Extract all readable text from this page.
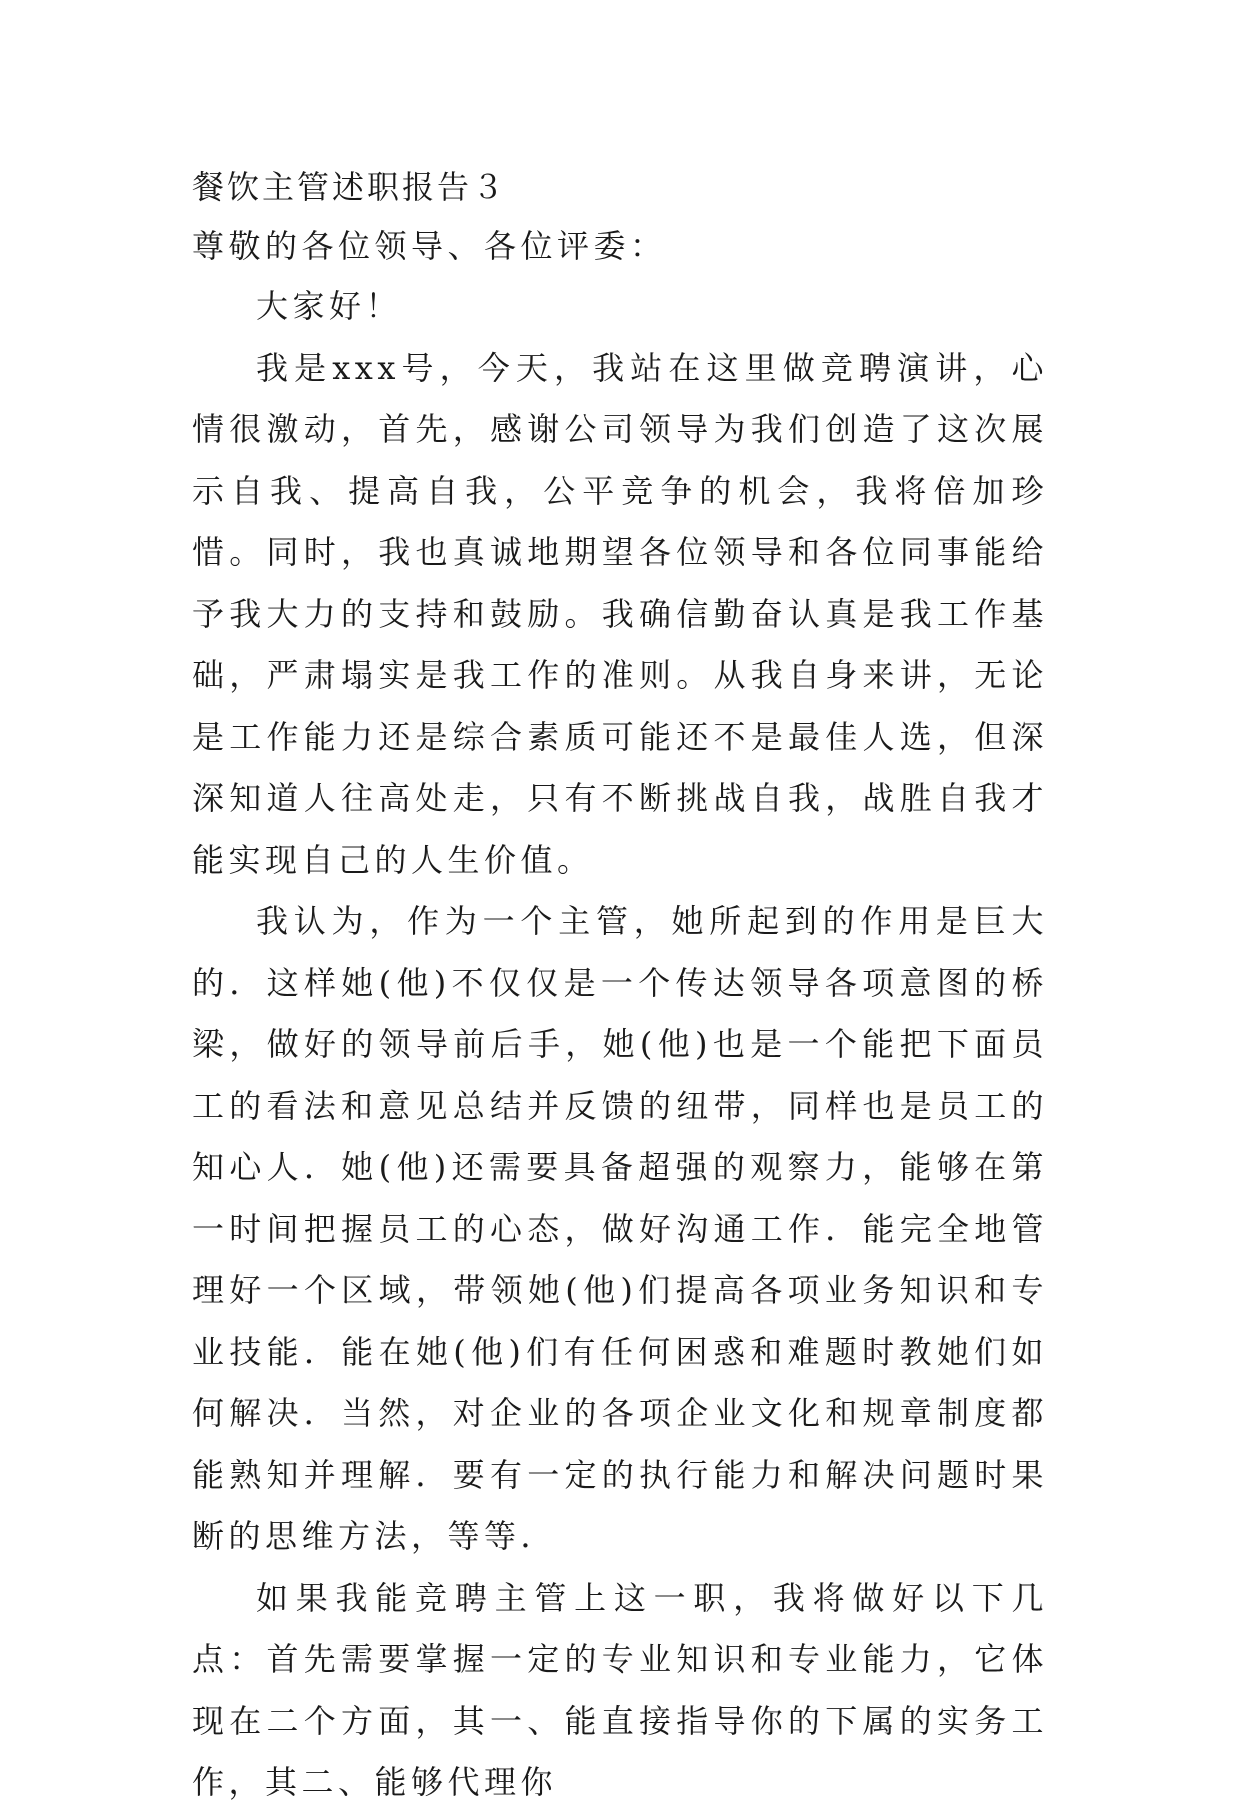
餐饮主管述职报告３

尊敬的各位领导、各位评委：

大家好！

我是xxx号，今天，我站在这里做竞聘演讲，心情很激动，首先，感谢公司领导为我们创造了这次展示自我、提高自我，公平竞争的机会，我将倍加珍惜。同时，我也真诚地期望各位领导和各位同事能给予我大力的支持和鼓励。我确信勤奋认真是我工作基础，严肃塌实是我工作的准则。从我自身来讲，无论是工作能力还是综合素质可能还不是最佳人选，但深深知道人往高处走，只有不断挑战自我，战胜自我才能实现自己的人生价值。

我认为，作为一个主管，她所起到的作用是巨大的．这样她(他)不仅仅是一个传达领导各项意图的桥梁，做好的领导前后手，她(他)也是一个能把下面员工的看法和意见总结并反馈的纽带，同样也是员工的知心人．她(他)还需要具备超强的观察力，能够在第一时间把握员工的心态，做好沟通工作．能完全地管理好一个区域，带领她(他)们提高各项业务知识和专业技能．能在她(他)们有任何困惑和难题时教她们如何解决．当然，对企业的各项企业文化和规章制度都能熟知并理解．要有一定的执行能力和解决问题时果断的思维方法，等等．

如果我能竞聘主管上这一职，我将做好以下几点：首先需要掌握一定的专业知识和专业能力，它体现在二个方面，其一、能直接指导你的下属的实务工作，其二、能够代理你
